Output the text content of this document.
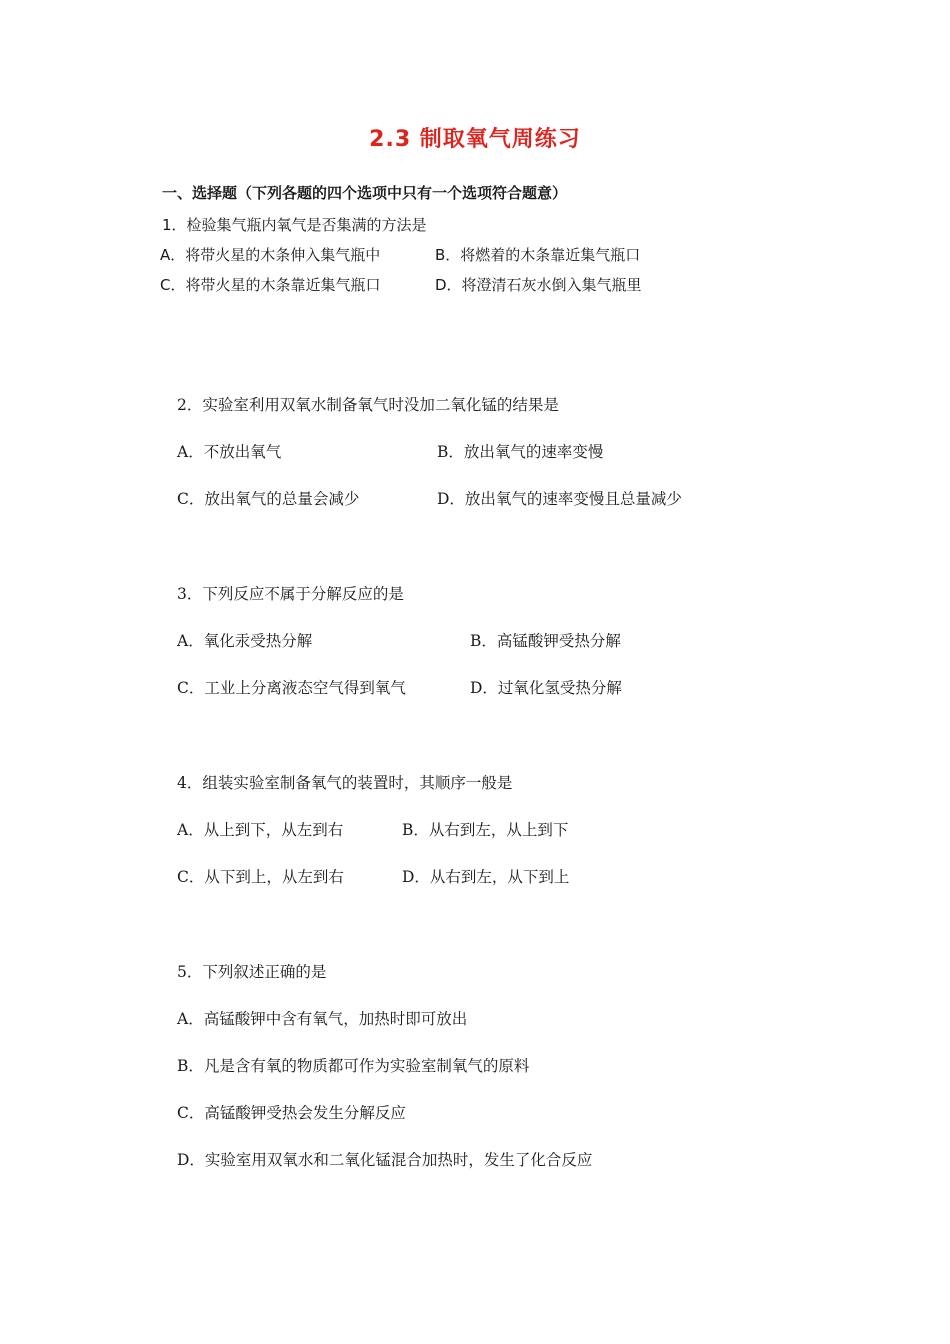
2.3 制取氧气周练习
一、选择题（下列各题的四个选项中只有一个选项符合题意）
1．检验集气瓶内氧气是否集满的方法是
A．将带火星的木条伸入集气瓶中	B．将燃着的木条靠近集气瓶口
C．将带火星的木条靠近集气瓶口	D．将澄清石灰水倒入集气瓶里
2．实验室利用双氧水制备氧气时没加二氧化锰的结果是
A．不放出氧气	B．放出氧气的速率变慢
C．放出氧气的总量会减少	D．放出氧气的速率变慢且总量减少
3．下列反应不属于分解反应的是
A．氧化汞受热分解	B．高锰酸钾受热分解
C．工业上分离液态空气得到氧气	D．过氧化氢受热分解
4．组装实验室制备氧气的装置时，其顺序一般是
A．从上到下，从左到右	B．从右到左，从上到下
C．从下到上，从左到右	D．从右到左，从下到上
5．下列叙述正确的是
A．高锰酸钾中含有氧气，加热时即可放出
B．凡是含有氧的物质都可作为实验室制氧气的原料
C．高锰酸钾受热会发生分解反应
D．实验室用双氧水和二氧化锰混合加热时，发生了化合反应
